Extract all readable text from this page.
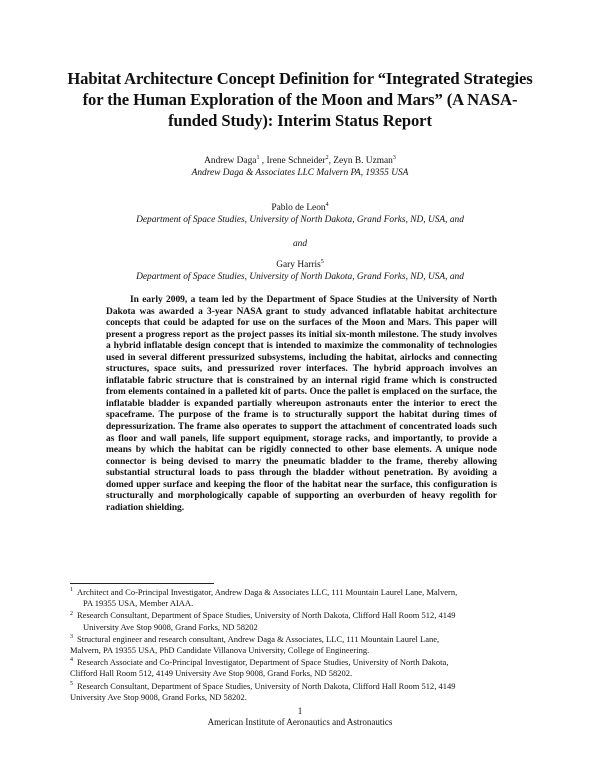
Habitat Architecture Concept Definition for “Integrated Strategies for the Human Exploration of the Moon and Mars” (A NASA-funded Study): Interim Status Report
Andrew Daga$^1$ , Irene Schneider$^2$, Zeyn B. Uzman$^3$
Andrew Daga & Associates LLC Malvern PA, 19355 USA
Pablo de Leon$^4$
Department of Space Studies, University of North Dakota, Grand Forks, ND, USA, and
and
Gary Harris$^5$
Department of Space Studies, University of North Dakota, Grand Forks, ND, USA, and
In early 2009, a team led by the Department of Space Studies at the University of North Dakota was awarded a 3-year NASA grant to study advanced inflatable habitat architecture concepts that could be adapted for use on the surfaces of the Moon and Mars. This paper will present a progress report as the project passes its initial six-month milestone. The study involves a hybrid inflatable design concept that is intended to maximize the commonality of technologies used in several different pressurized subsystems, including the habitat, airlocks and connecting structures, space suits, and pressurized rover interfaces. The hybrid approach involves an inflatable fabric structure that is constrained by an internal rigid frame which is constructed from elements contained in a palleted kit of parts. Once the pallet is emplaced on the surface, the inflatable bladder is expanded partially whereupon astronauts enter the interior to erect the spaceframe. The purpose of the frame is to structurally support the habitat during times of depressurization. The frame also operates to support the attachment of concentrated loads such as floor and wall panels, life support equipment, storage racks, and importantly, to provide a means by which the habitat can be rigidly connected to other base elements. A unique node connector is being devised to marry the pneumatic bladder to the frame, thereby allowing substantial structural loads to pass through the bladder without penetration. By avoiding a domed upper surface and keeping the floor of the habitat near the surface, this configuration is structurally and morphologically capable of supporting an overburden of heavy regolith for radiation shielding.
$^1$ Architect and Co-Principal Investigator, Andrew Daga & Associates LLC, 111 Mountain Laurel Lane, Malvern,
PA 19355 USA, Member AIAA.
$^2$ Research Consultant, Department of Space Studies, University of North Dakota, Clifford Hall Room 512, 4149
University Ave Stop 9008, Grand Forks, ND 58202
$^3$ Structural engineer and research consultant, Andrew Daga & Associates, LLC, 111 Mountain Laurel Lane,
Malvern, PA 19355 USA, PhD Candidate Villanova University, College of Engineering.
$^4$ Research Associate and Co-Principal Investigator, Department of Space Studies, University of North Dakota,
Clifford Hall Room 512, 4149 University Ave Stop 9008, Grand Forks, ND 58202.
$^5$ Research Consultant, Department of Space Studies, University of North Dakota, Clifford Hall Room 512, 4149
University Ave Stop 9008, Grand Forks, ND 58202.
1
American Institute of Aeronautics and Astronautics
